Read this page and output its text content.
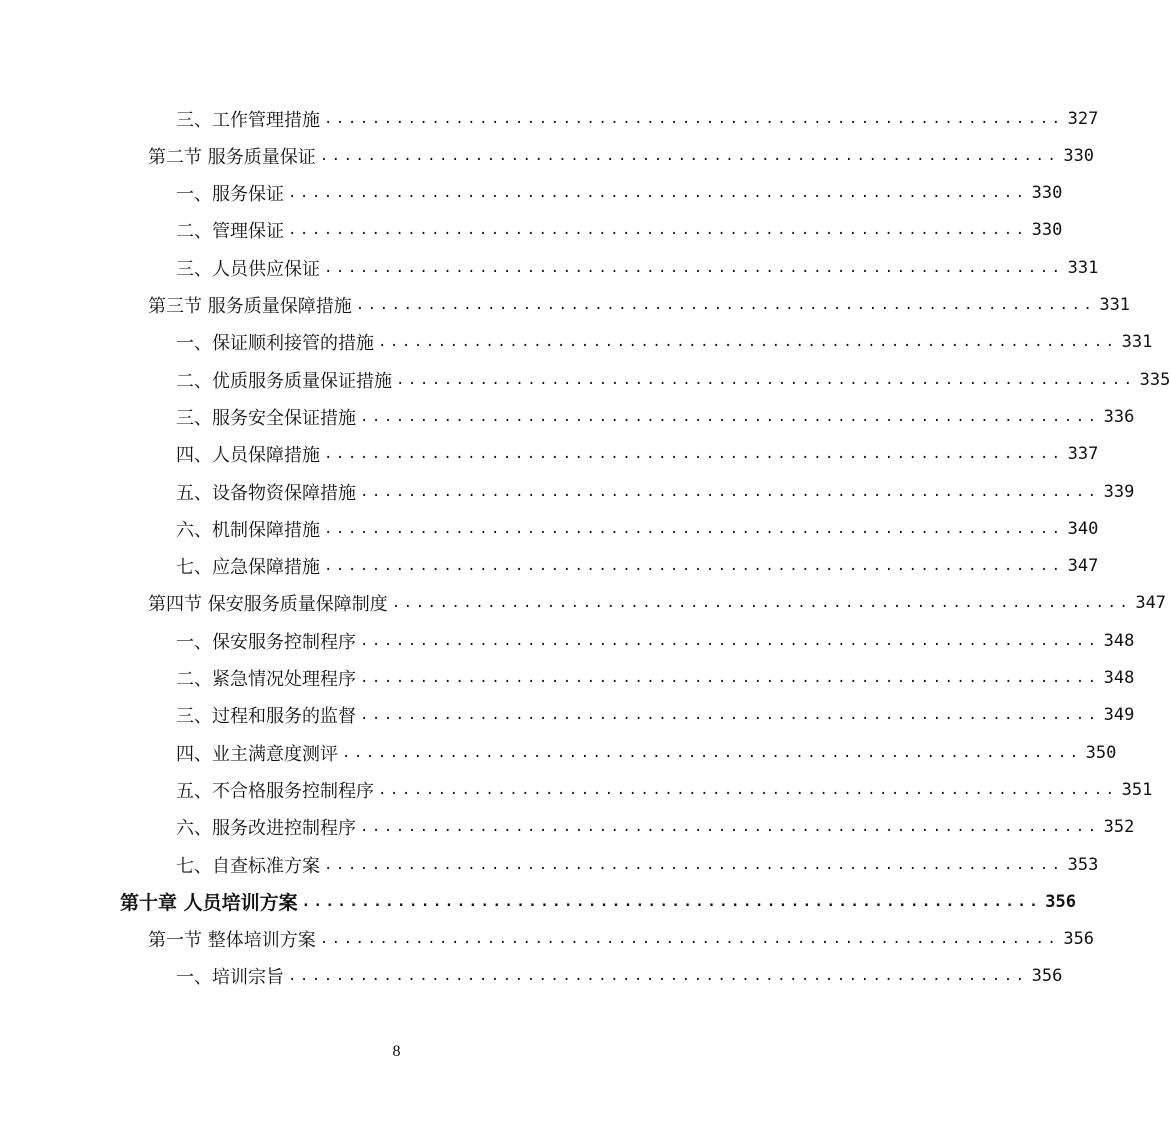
三、工作管理措施 .............................................................. 327
第二节 服务质量保证 .............................................................. 330
一、服务保证 .............................................................. 330
二、管理保证 .............................................................. 330
三、人员供应保证 .............................................................. 331
第三节 服务质量保障措施 .............................................................. 331
一、保证顺利接管的措施 .............................................................. 331
二、优质服务质量保证措施 .............................................................. 335
三、服务安全保证措施 .............................................................. 336
四、人员保障措施 .............................................................. 337
五、设备物资保障措施 .............................................................. 339
六、机制保障措施 .............................................................. 340
七、应急保障措施 .............................................................. 347
第四节 保安服务质量保障制度 .............................................................. 347
一、保安服务控制程序 .............................................................. 348
二、紧急情况处理程序 .............................................................. 348
三、过程和服务的监督 .............................................................. 349
四、业主满意度测评 .............................................................. 350
五、不合格服务控制程序 .............................................................. 351
六、服务改进控制程序 .............................................................. 352
七、自查标准方案 .............................................................. 353
第十章 人员培训方案 .............................................................. 356
第一节 整体培训方案 .............................................................. 356
一、培训宗旨 .............................................................. 356
8
